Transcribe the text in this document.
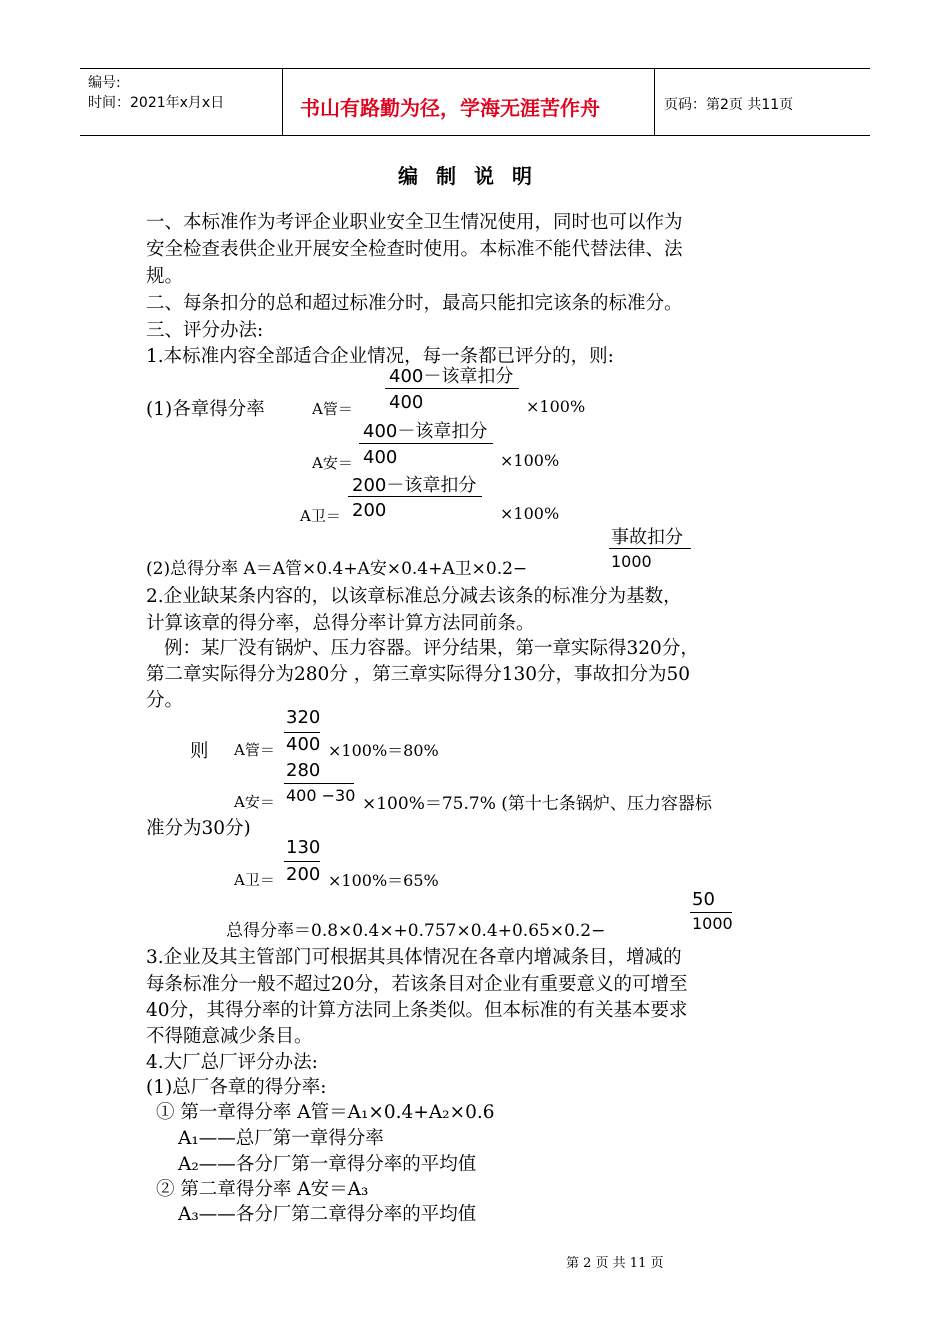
编号:
时间：2021年x月x日	书山有路勤为径，学海无涯苦作舟	页码：第2页 共11页
编制说明
一、本标准作为考评企业职业安全卫生情况使用，同时也可以作为
安全检查表供企业开展安全检查时使用。本标准不能代替法律、法
规。
二、每条扣分的总和超过标准分时，最高只能扣完该条的标准分。
三、评分办法:
1.本标准内容全部适合企业情况，每一条都已评分的，则:
400－该章扣分
(1)各章得分率	A管＝ 400	×100%
400－该章扣分
A安＝ 400	×100%
200－该章扣分
A卫＝ 200	×100%
事故扣分
(2)总得分率 A＝A管×0.4+A安×0.4+A卫×0.2−	1000
2.企业缺某条内容的，以该章标准总分减去该条的标准分为基数，
计算该章的得分率，总得分率计算方法同前条。
例：某厂没有锅炉、压力容器。评分结果，第一章实际得320分，
第二章实际得分为280分 ，第三章实际得分130分，事故扣分为50
分。
320
则 A管＝ 400 ×100%＝80%
280
A安＝ 400 −30 ×100%＝75.7% (第十七条锅炉、压力容器标
准分为30分)
130
A卫＝ 200 ×100%＝65%
50
总得分率＝0.8×0.4×+0.757×0.4+0.65×0.2−	1000
3.企业及其主管部门可根据其具体情况在各章内增减条目，增减的
每条标准分一般不超过20分，若该条目对企业有重要意义的可增至
40分，其得分率的计算方法同上条类似。但本标准的有关基本要求
不得随意减少条目。
4.大厂总厂评分办法:
(1)总厂各章的得分率:
① 第一章得分率 A管＝A₁×0.4+A₂×0.6
A₁——总厂第一章得分率
A₂——各分厂第一章得分率的平均值
② 第二章得分率 A安＝A₃
A₃——各分厂第二章得分率的平均值
第 2 页 共 11 页
